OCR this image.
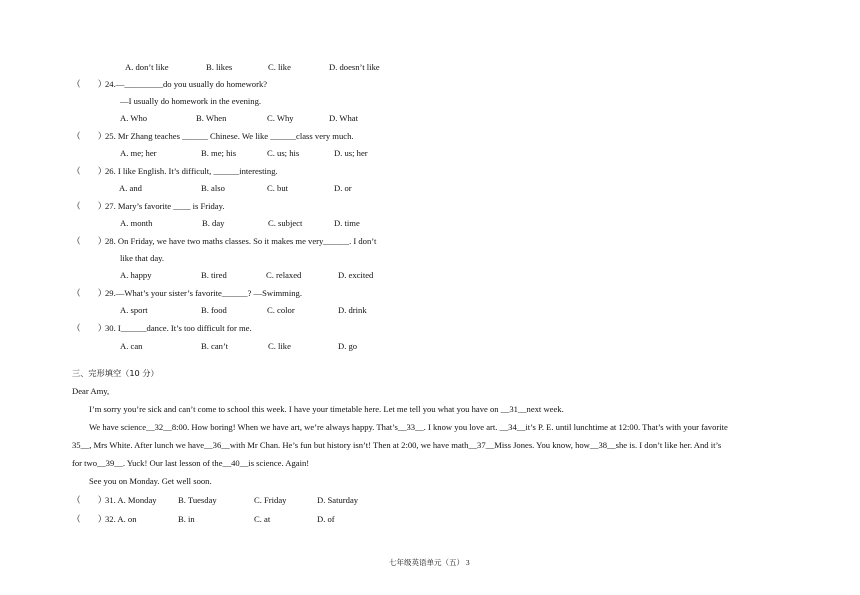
A. don’t like	B. likes	C. like	D. doesn’t like
（　　）
24.—_________do you usually do homework?
—I usually do homework in the evening.
A. Who	B. When	C. Why	D. What
（　　）
25. Mr Zhang teaches ______ Chinese. We like ______class very much.
A. me; her	B. me; his	C. us; his	D. us; her
（　　）
26. I like English. It’s difficult, ______interesting.
A. and	B. also	C. but	D. or
（　　）
27. Mary’s favorite ____ is Friday.
A. month	B. day	C. subject	D. time
（　　）
28. On Friday, we have two maths classes. So it makes me very______. I don’t
like that day.
A. happy	B. tired	C. relaxed	D. excited
（　　）
29.—What’s your sister’s favorite______? —Swimming.
A. sport	B. food	C. color	D. drink
（　　）
30. I______dance. It’s too difficult for me.
A. can	B. can’t	C. like	D. go
三、完形填空（10 分）
Dear Amy,
I’m sorry you’re sick and can’t come to school this week. I have your timetable here. Let me tell you what you have on __31__next week.
We have science__32__8:00. How boring! When we have art, we’re always happy. That’s__33__. I know you love art. __34__it’s P. E. until lunchtime at 12:00. That’s with your favorite
35__, Mrs White. After lunch we have__36__with Mr Chan. He’s fun but history isn’t! Then at 2:00, we have math__37__Miss Jones. You know, how__38__she is. I don’t like her. And it’s
for two__39__. Yuck! Our last lesson of the__40__is science. Again!
See you on Monday. Get well soon.
（　　）
31. A. Monday B. Tuesday	C. Friday	D. Saturday
（　　）
32. A. on	B. in	C. at	D. of
七年级英语单元（五） 3
